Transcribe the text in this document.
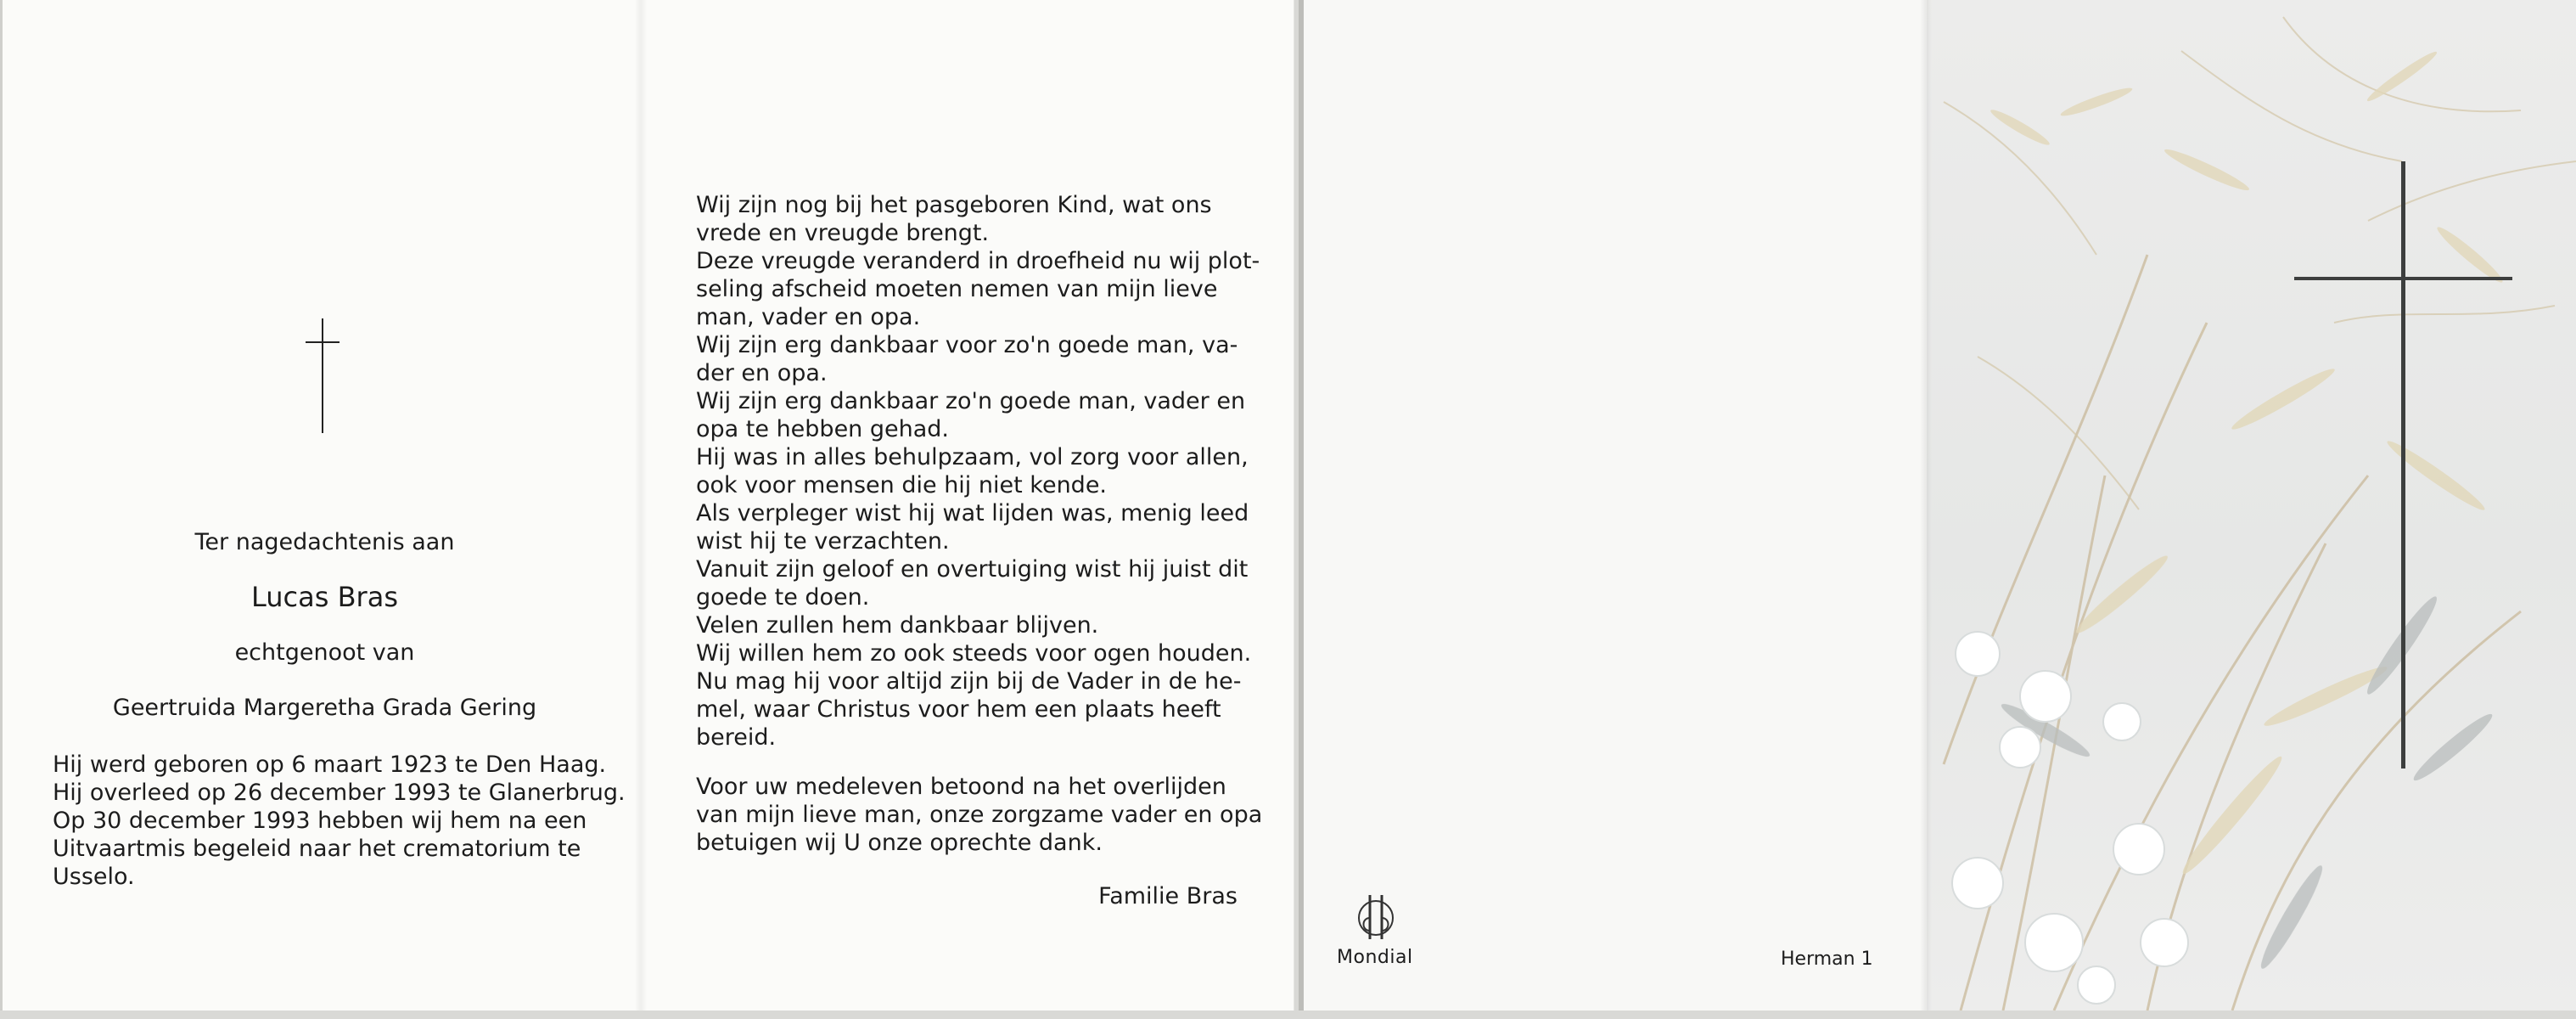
Ter nagedachtenis aan
Lucas Bras
echtgenoot van
Geertruida Margeretha Grada Gering
Hij werd geboren op 6 maart 1923 te Den Haag.
Hij overleed op 26 december 1993 te Glanerbrug.
Op 30 december 1993 hebben wij hem na een
Uitvaartmis begeleid naar het crematorium te
Usselo.
Wij zijn nog bij het pasgeboren Kind, wat ons
vrede en vreugde brengt.
Deze vreugde veranderd in droefheid nu wij plot-
seling afscheid moeten nemen van mijn lieve
man, vader en opa.
Wij zijn erg dankbaar voor zo'n goede man, va-
der en opa.
Wij zijn erg dankbaar zo'n goede man, vader en
opa te hebben gehad.
Hij was in alles behulpzaam, vol zorg voor allen,
ook voor mensen die hij niet kende.
Als verpleger wist hij wat lijden was, menig leed
wist hij te verzachten.
Vanuit zijn geloof en overtuiging wist hij juist dit
goede te doen.
Velen zullen hem dankbaar blijven.
Wij willen hem zo ook steeds voor ogen houden.
Nu mag hij voor altijd zijn bij de Vader in de he-
mel, waar Christus voor hem een plaats heeft
bereid.
Voor uw medeleven betoond na het overlijden
van mijn lieve man, onze zorgzame vader en opa
betuigen wij U onze oprechte dank.
Familie Bras
Mondial	Herman 1
